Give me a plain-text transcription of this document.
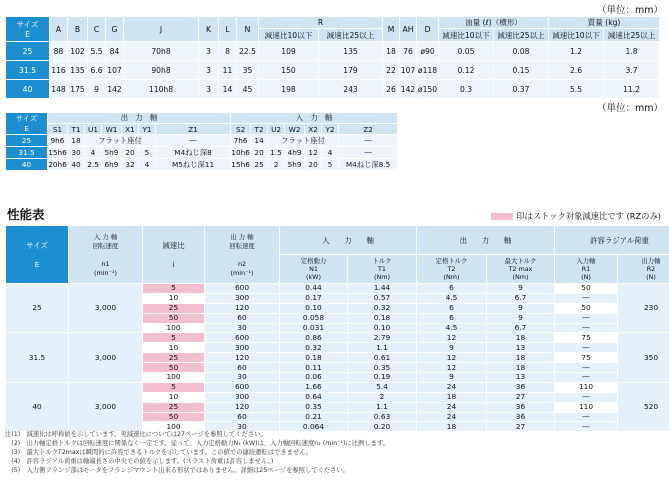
（単位：mm）
サイズ
E	A	B	C	G	J	K	L	N	R		M	AH	D	油量 (ℓ)（横形）		質量 (kg)	
									減速比10以下	減速比25以上				減速比10以下	減速比25以上	減速比10以下	減速比25以上
25	88	102	5.5	84	70h8	3	8	22.5	109	135	18	76	ø90	0.05	0.08	1.2	1.8
31.5	116	135	6.6	107	90h8	3	11	35	150	179	22	107	ø118	0.12	0.15	2.6	3.7
40	148	175	9	142	110h8	3	14	45	198	243	26	142	ø150	0.3	0.37	5.5	11.2
（単位：mm）
サイズ
E	出　力　軸							入　力　軸						
	S1	T1	U1	W1	X1	Y1	Z1	S2	T2	U2	W2	X2	Y2	Z2
25	9h6	18	フラット座付				―	7h6	14	フラット座付				―
31.5	15h6	30	4	5h9	20	5	M4ねじ深8	10h6	20	1.5	4h9	12	4	―
40	20h6	40	2.5	6h9	32	4	M5ねじ深11	15h6	25	2	5h9	20	5	M4ねじ深8.5
性能表	印はストック対象減速比です (RZのみ)
サイズ

E	入 力 軸
回転速度

n1
(min⁻¹)	減速比

i	出 力 軸
回転速度

n2
(min⁻¹)	入　　力　　軸		出　　力　　軸		許容ラジアル荷重	
				定格動力
N1
(kW)	トルク
T1
(Nm)	定格トルク
T2
(Nm)	最大トルク
T2 max
(Nm)	入力軸
R1
(N)	出力軸
R2
(N)
25	3,000	5	600	0.44	1.44	6	9	50	230
		10	300	0.17	0.57	4.5	6.7	―	
		25	120	0.10	0.32	6	9	50	
		50	60	0.058	0.18	6	9	―	
		100	30	0.031	0.10	4.5	6.7	―	
31.5	3,000	5	600	0.86	2.79	12	18	75	350
		10	300	0.32	1.1	9	13	―	
		25	120	0.18	0.61	12	18	75	
		50	60	0.11	0.35	12	18	―	
		100	30	0.06	0.19	9	13	―	
40	3,000	5	600	1.66	5.4	24	36	110	520
		10	300	0.64	2	18	27	―	
		25	120	0.35	1.1	24	36	110	
		50	60	0.21	0.63	24	36	―	
		100	30	0.064	0.20	18	27	―	
注(1)　減速比は呼称値を示しています。実減速比については27ページを参照してください。
　(2)　出力軸定格トルクは回転速度に関係なく一定です。従って、入力定格動力N₁ (kW)は、入力軸回転速度n₁ (min⁻¹)に比例します。
　(3)　最大トルクT2maxは瞬間的に許容できるトルクを示しています。この値での連続運転はできません。
　(4)　許容ラジアル荷重は軸端長さの中央での値を示します。(スラスト荷重は許容しません。)
　(5)　入力側フランジ部はモータをフランジマウント出来る形状ではありません。詳細は25ページを参照してください。
